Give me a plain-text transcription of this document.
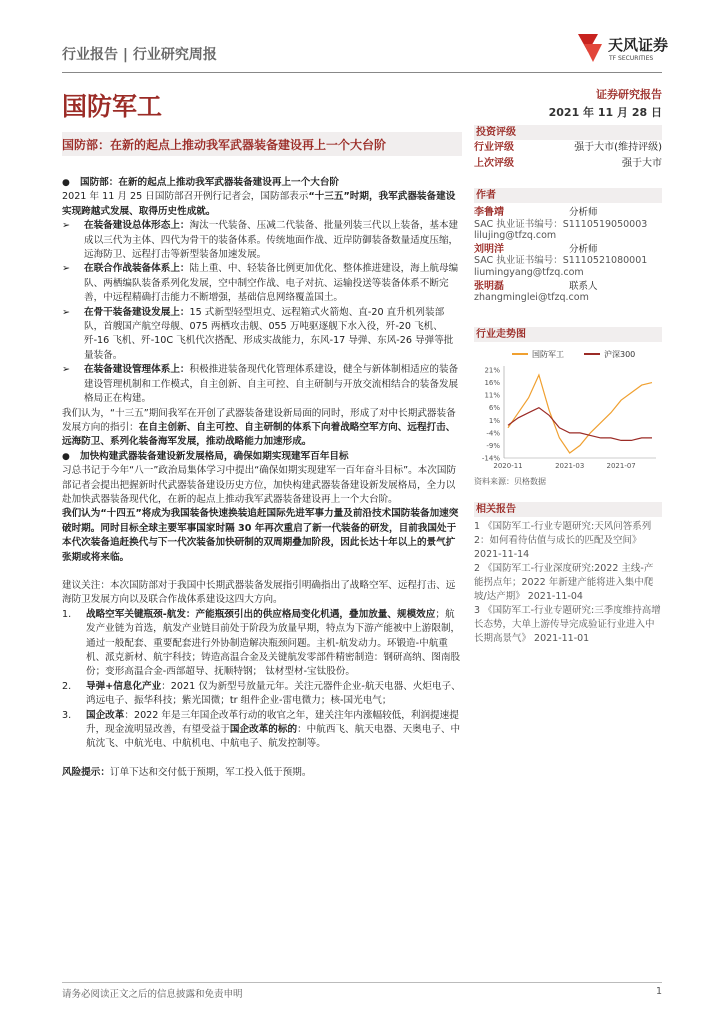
行业报告 | 行业研究周报
天风证券
TF SECURITIES
国防军工	证券研究报告
2021 年 11 月 28 日
国防部：在新的起点上推动我军武器装备建设再上一个大台阶
●	国防部：在新的起点上推动我军武器装备建设再上一个大台阶

2021 年 11 月 25 日国防部召开例行记者会，国防部表示“十三五”时期，我军武器装备建设实现跨越式发展、取得历史性成就。

➢	在装备建设总体形态上：淘汰一代装备、压减二代装备、批量列装三代以上装备，基本建成以三代为主体、四代为骨干的装备体系。传统地面作战、近岸防御装备数量适度压缩，远海防卫、远程打击等新型装备加速发展。
➢	在联合作战装备体系上：陆上重、中、轻装备比例更加优化、整体推进建设，海上航母编队、两栖编队装备系列化发展，空中制空作战、电子对抗、运输投送等装备体系不断完善，中远程精确打击能力不断增强，基础信息网络覆盖国土。
➢	在骨干装备建设发展上：15 式新型轻型坦克、远程箱式火箭炮、直-20 直升机列装部队，首艘国产航空母舰、075 两栖攻击舰、055 万吨驱逐舰下水入役，歼-20 飞机、歼-16 飞机、歼-10C 飞机代次搭配、形成实战能力，东风-17 导弹、东风-26 导弹等批量装备。
➢	在装备建设管理体系上：积极推进装备现代化管理体系建设，健全与新体制相适应的装备建设管理机制和工作模式，自主创新、自主可控、自主研制与开放交流相结合的装备发展格局正在构建。

我们认为，“十三五”期间我军在开创了武器装备建设新局面的同时，形成了对中长期武器装备发展方向的指引：在自主创新、自主可控、自主研制的体系下向着战略空军方向、远程打击、远海防卫、系列化装备海军发展，推动战略能力加速形成。

●	加快构建武器装备建设新发展格局，确保如期实现建军百年目标

习总书记于今年“八一”政治局集体学习中提出“确保如期实现建军一百年奋斗目标”。本次国防部记者会提出把握新时代武器装备建设历史方位，加快构建武器装备建设新发展格局，全力以赴加快武器装备现代化，在新的起点上推动我军武器装备建设再上一个大台阶。

我们认为“十四五”将成为我国装备快速换装追赶国际先进军事力量及前沿技术国防装备加速突破时期。同时目标全球主要军事国家时隔 30 年再次重启了新一代装备的研发，目前我国处于本代次装备追赶换代与下一代次装备加快研制的双周期叠加阶段，因此长达十年以上的景气扩张期或将来临。

建议关注：本次国防部对于我国中长期武器装备发展指引明确指出了战略空军、远程打击、远海防卫发展方向以及联合作战体系建设这四大方向。

1.	战略空军关键瓶颈-航发：产能瓶颈引出的供应格局变化机遇，叠加放量、规模效应；航发产业链为首选，航发产业链目前处于阶段为放量早期，特点为下游产能被中上游限制，通过一般配套、重要配套进行外协制造解决瓶颈问题。主机-航发动力。环锻造-中航重机、派克新材、航宇科技；铸造高温合金及关键航发零部件精密制造：钢研高纳、图南股份；变形高温合金-西部超导、抚顺特钢； 钛材型材-宝钛股份。
2.	导弹+信息化产业：2021 仅为新型号放量元年。关注元器件企业-航天电器、火炬电子、鸿远电子、振华科技；紫光国微；tr 组件企业-雷电微力；核-国光电气；
3.	国企改革：2022 年是三年国企改革行动的收官之年，建关注年内涨幅较低，利润提速提升，现金流明显改善，有望受益于国企改革的标的：中航西飞、航天电器、天奥电子、中航沈飞、中航光电、中航机电、中航电子、航发控制等。

风险提示：订单下达和交付低于预期，军工投入低于预期。

投资评级
行业评级	强于大市(维持评级)
上次评级	强于大市
作者
李鲁靖	分析师
SAC 执业证书编号：S1110519050003
lilujing@tfzq.com
刘明洋	分析师
SAC 执业证书编号：S1110521080001
liumingyang@tfzq.com
张明磊	联系人
zhangminglei@tfzq.com
行业走势图
国防军工	沪深300
21%
16%
11%
6%
1%
-4%
-9%
-14%
2020-11	2021-03	2021-07
资料来源：贝格数据
相关报告
1 《国防军工-行业专题研究:天风问答系列 2：如何看待估值与成长的匹配及空间》 2021-11-14
2 《国防军工-行业深度研究:2022 主线-产能拐点年；2022 年新建产能将进入集中爬坡/达产期》 2021-11-04
3 《国防军工-行业专题研究:三季度维持高增长态势，大单上游传导完成验证行业进入中长期高景气》 2021-11-01
请务必阅读正文之后的信息披露和免责申明	1
